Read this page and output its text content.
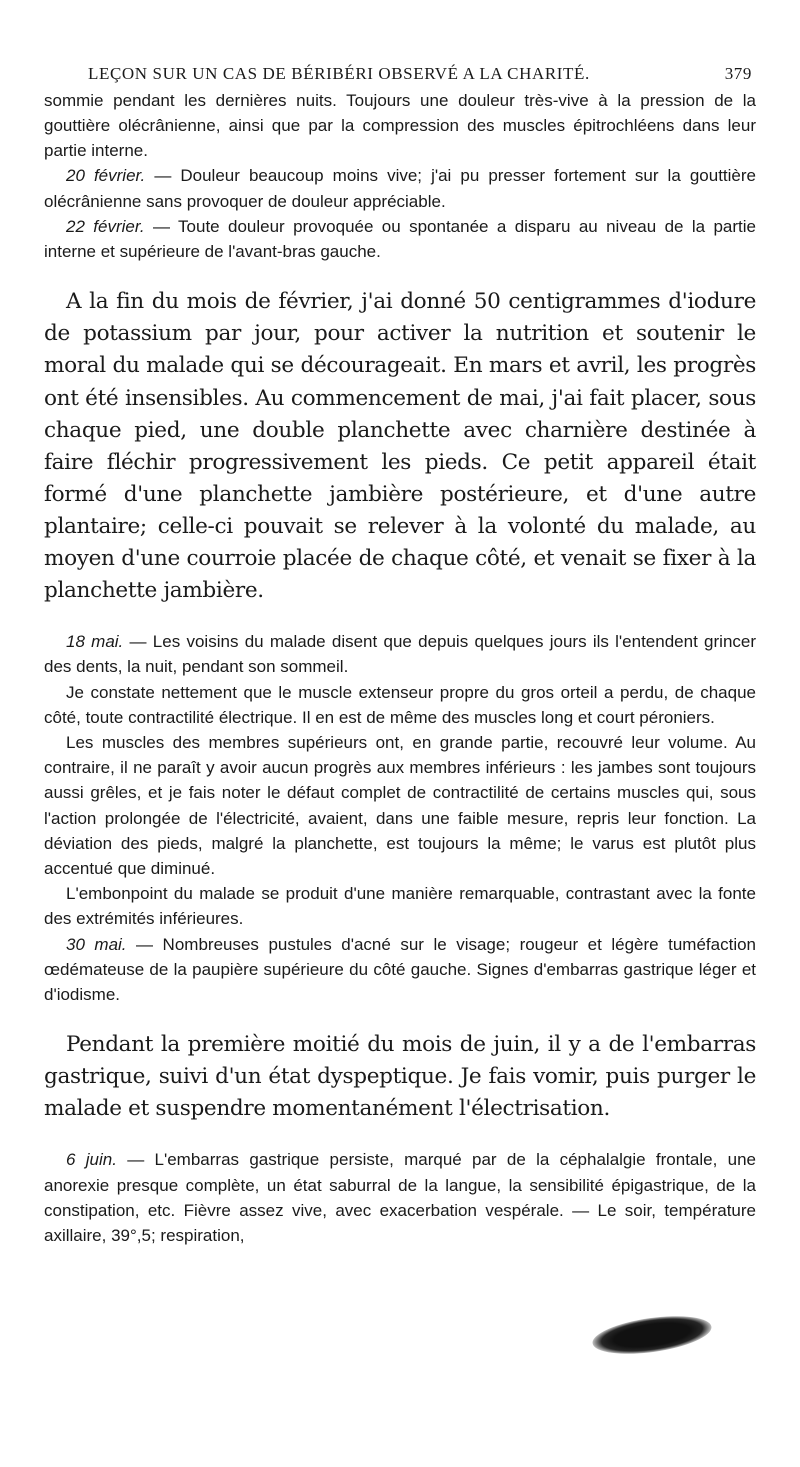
LEÇON SUR UN CAS DE BÉRIBÉRI OBSERVÉ A LA CHARITÉ.	379

sommie pendant les dernières nuits. Toujours une douleur très-vive à la pression de la gouttière olécrânienne, ainsi que par la compression des muscles épitrochléens dans leur partie interne.

20 février. — Douleur beaucoup moins vive; j'ai pu presser fortement sur la gouttière olécrânienne sans provoquer de douleur appréciable.

22 février. — Toute douleur provoquée ou spontanée a disparu au niveau de la partie interne et supérieure de l'avant-bras gauche.

A la fin du mois de février, j'ai donné 50 centigrammes d'iodure de potassium par jour, pour activer la nutrition et soutenir le moral du malade qui se décourageait. En mars et avril, les progrès ont été insensibles. Au commencement de mai, j'ai fait placer, sous chaque pied, une double planchette avec charnière destinée à faire fléchir progressivement les pieds. Ce petit appareil était formé d'une planchette jambière postérieure, et d'une autre plantaire; celle-ci pouvait se relever à la volonté du malade, au moyen d'une courroie placée de chaque côté, et venait se fixer à la planchette jambière.

18 mai. — Les voisins du malade disent que depuis quelques jours ils l'entendent grincer des dents, la nuit, pendant son sommeil.

Je constate nettement que le muscle extenseur propre du gros orteil a perdu, de chaque côté, toute contractilité électrique. Il en est de même des muscles long et court péroniers.

Les muscles des membres supérieurs ont, en grande partie, recouvré leur volume. Au contraire, il ne paraît y avoir aucun progrès aux membres inférieurs : les jambes sont toujours aussi grêles, et je fais noter le défaut complet de contractilité de certains muscles qui, sous l'action prolongée de l'électricité, avaient, dans une faible mesure, repris leur fonction. La déviation des pieds, malgré la planchette, est toujours la même; le varus est plutôt plus accentué que diminué.

L'embonpoint du malade se produit d'une manière remarquable, contrastant avec la fonte des extrémités inférieures.

30 mai. — Nombreuses pustules d'acné sur le visage; rougeur et légère tuméfaction œdémateuse de la paupière supérieure du côté gauche. Signes d'embarras gastrique léger et d'iodisme.

Pendant la première moitié du mois de juin, il y a de l'embarras gastrique, suivi d'un état dyspeptique. Je fais vomir, puis purger le malade et suspendre momentanément l'électrisation.

6 juin. — L'embarras gastrique persiste, marqué par de la céphalalgie frontale, une anorexie presque complète, un état saburral de la langue, la sensibilité épigastrique, de la constipation, etc. Fièvre assez vive, avec exacerbation vespérale. — Le soir, température axillaire, 39°,5; respiration,
